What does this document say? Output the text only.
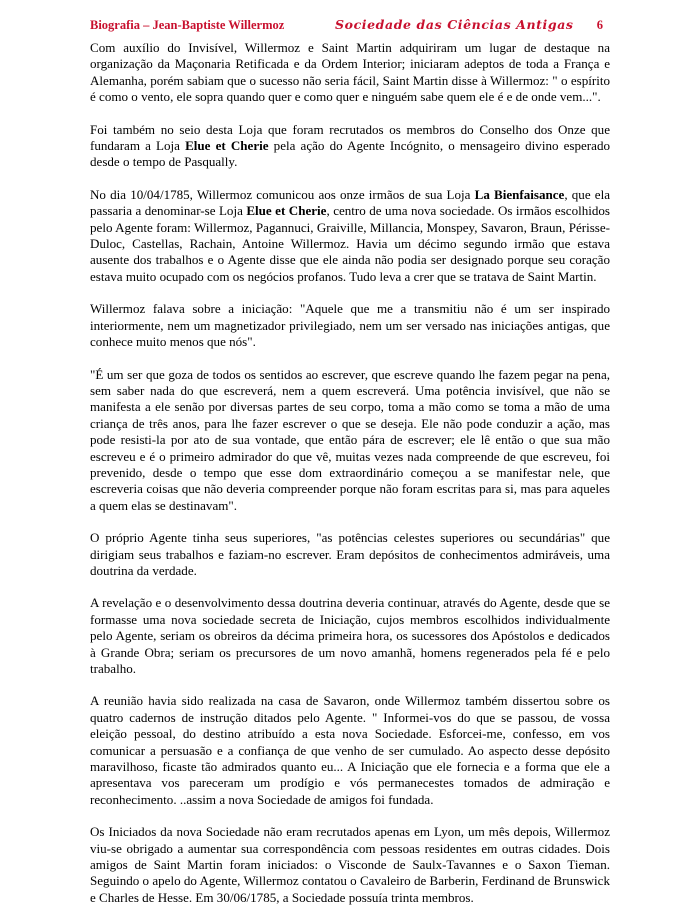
Biografia – Jean-Baptiste Willermoz	Sociedade das Ciências Antigas 6

Com auxílio do Invisível, Willermoz e Saint Martin adquiriram um lugar de destaque na organização da Maçonaria Retificada e da Ordem Interior; iniciaram adeptos de toda a França e Alemanha, porém sabiam que o sucesso não seria fácil, Saint Martin disse à Willermoz: " o espírito é como o vento, ele sopra quando quer e como quer e ninguém sabe quem ele é e de onde vem...".

Foi também no seio desta Loja que foram recrutados os membros do Conselho dos Onze que fundaram a Loja Elue et Cherie pela ação do Agente Incógnito, o mensageiro divino esperado desde o tempo de Pasqually.

No dia 10/04/1785, Willermoz comunicou aos onze irmãos de sua Loja La Bienfaisance, que ela passaria a denominar-se Loja Elue et Cherie, centro de uma nova sociedade. Os irmãos escolhidos pelo Agente foram: Willermoz, Pagannuci, Graiville, Millancia, Monspey, Savaron, Braun, Périsse-Duloc, Castellas, Rachain, Antoine Willermoz. Havia um décimo segundo irmão que estava ausente dos trabalhos e o Agente disse que ele ainda não podia ser designado porque seu coração estava muito ocupado com os negócios profanos. Tudo leva a crer que se tratava de Saint Martin.

Willermoz falava sobre a iniciação: "Aquele que me a transmitiu não é um ser inspirado interiormente, nem um magnetizador privilegiado, nem um ser versado nas iniciações antigas, que conhece muito menos que nós".

"É um ser que goza de todos os sentidos ao escrever, que escreve quando lhe fazem pegar na pena, sem saber nada do que escreverá, nem a quem escreverá. Uma potência invisível, que não se manifesta a ele senão por diversas partes de seu corpo, toma a mão como se toma a mão de uma criança de três anos, para lhe fazer escrever o que se deseja. Ele não pode conduzir a ação, mas pode resisti-la por ato de sua vontade, que então pára de escrever; ele lê então o que sua mão escreveu e é o primeiro admirador do que vê, muitas vezes nada compreende de que escreveu, foi prevenido, desde o tempo que esse dom extraordinário começou a se manifestar nele, que escreveria coisas que não deveria compreender porque não foram escritas para si, mas para aqueles a quem elas se destinavam".

O próprio Agente tinha seus superiores, "as potências celestes superiores ou secundárias" que dirigiam seus trabalhos e faziam-no escrever. Eram depósitos de conhecimentos admiráveis, uma doutrina da verdade.

A revelação e o desenvolvimento dessa doutrina deveria continuar, através do Agente, desde que se formasse uma nova sociedade secreta de Iniciação, cujos membros escolhidos individualmente pelo Agente, seriam os obreiros da décima primeira hora, os sucessores dos Apóstolos e dedicados à Grande Obra; seriam os precursores de um novo amanhã, homens regenerados pela fé e pelo trabalho.

A reunião havia sido realizada na casa de Savaron, onde Willermoz também dissertou sobre os quatro cadernos de instrução ditados pelo Agente. " Informei-vos do que se passou, de vossa eleição pessoal, do destino atribuído a esta nova Sociedade. Esforcei-me, confesso, em vos comunicar a persuasão e a confiança de que venho de ser cumulado. Ao aspecto desse depósito maravilhoso, ficaste tão admirados quanto eu... A Iniciação que ele fornecia e a forma que ele a apresentava vos pareceram um prodígio e vós permanecestes tomados de admiração e reconhecimento. ..assim a nova Sociedade de amigos foi fundada.

Os Iniciados da nova Sociedade não eram recrutados apenas em Lyon, um mês depois, Willermoz viu-se obrigado a aumentar sua correspondência com pessoas residentes em outras cidades. Dois amigos de Saint Martin foram iniciados: o Visconde de Saulx-Tavannes e o Saxon Tieman. Seguindo o apelo do Agente, Willermoz contatou o Cavaleiro de Barberin, Ferdinand de Brunswick e Charles de Hesse. Em 30/06/1785, a Sociedade possuía trinta membros.
